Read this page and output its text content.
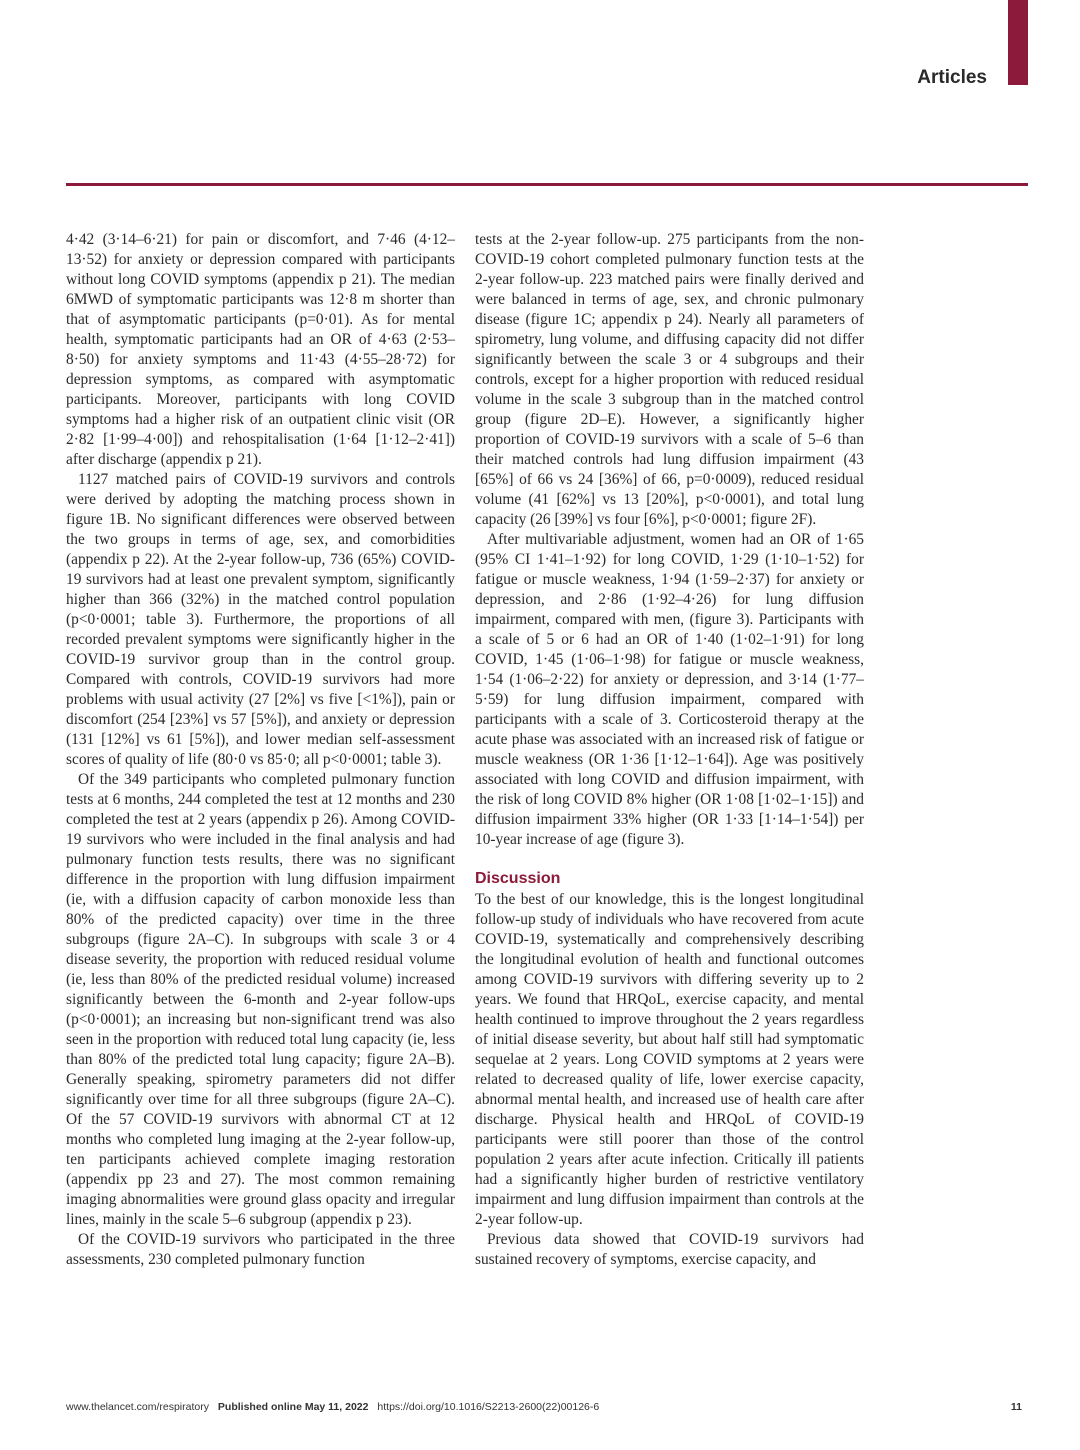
Articles

4·42 (3·14–6·21) for pain or discomfort, and 7·46 (4·12–13·52) for anxiety or depression compared with participants without long COVID symptoms (appendix p 21). The median 6MWD of symptomatic participants was 12·8 m shorter than that of asymptomatic participants (p=0·01). As for mental health, symptomatic participants had an OR of 4·63 (2·53–8·50) for anxiety symptoms and 11·43 (4·55–28·72) for depression symptoms, as compared with asymptomatic participants. Moreover, participants with long COVID symptoms had a higher risk of an outpatient clinic visit (OR 2·82 [1·99–4·00]) and rehospitalisation (1·64 [1·12–2·41]) after discharge (appendix p 21).

1127 matched pairs of COVID-19 survivors and controls were derived by adopting the matching process shown in figure 1B. No significant differences were observed between the two groups in terms of age, sex, and comorbidities (appendix p 22). At the 2-year follow-up, 736 (65%) COVID-19 survivors had at least one prevalent symptom, significantly higher than 366 (32%) in the matched control population (p<0·0001; table 3). Furthermore, the proportions of all recorded prevalent symptoms were significantly higher in the COVID-19 survivor group than in the control group. Compared with controls, COVID-19 survivors had more problems with usual activity (27 [2%] vs five [<1%]), pain or discomfort (254 [23%] vs 57 [5%]), and anxiety or depression (131 [12%] vs 61 [5%]), and lower median self-assessment scores of quality of life (80·0 vs 85·0; all p<0·0001; table 3).

Of the 349 participants who completed pulmonary function tests at 6 months, 244 completed the test at 12 months and 230 completed the test at 2 years (appendix p 26). Among COVID-19 survivors who were included in the final analysis and had pulmonary function tests results, there was no significant difference in the proportion with lung diffusion impairment (ie, with a diffusion capacity of carbon monoxide less than 80% of the predicted capacity) over time in the three subgroups (figure 2A–C). In subgroups with scale 3 or 4 disease severity, the proportion with reduced residual volume (ie, less than 80% of the predicted residual volume) increased significantly between the 6-month and 2-year follow-ups (p<0·0001); an increasing but non-significant trend was also seen in the proportion with reduced total lung capacity (ie, less than 80% of the predicted total lung capacity; figure 2A–B). Generally speaking, spirometry parameters did not differ significantly over time for all three subgroups (figure 2A–C). Of the 57 COVID-19 survivors with abnormal CT at 12 months who completed lung imaging at the 2-year follow-up, ten participants achieved complete imaging restoration (appendix pp 23 and 27). The most common remaining imaging abnormalities were ground glass opacity and irregular lines, mainly in the scale 5–6 subgroup (appendix p 23).

Of the COVID-19 survivors who participated in the three assessments, 230 completed pulmonary function

tests at the 2-year follow-up. 275 participants from the non-COVID-19 cohort completed pulmonary function tests at the 2-year follow-up. 223 matched pairs were finally derived and were balanced in terms of age, sex, and chronic pulmonary disease (figure 1C; appendix p 24). Nearly all parameters of spirometry, lung volume, and diffusing capacity did not differ significantly between the scale 3 or 4 subgroups and their controls, except for a higher proportion with reduced residual volume in the scale 3 subgroup than in the matched control group (figure 2D–E). However, a significantly higher proportion of COVID-19 survivors with a scale of 5–6 than their matched controls had lung diffusion impairment (43 [65%] of 66 vs 24 [36%] of 66, p=0·0009), reduced residual volume (41 [62%] vs 13 [20%], p<0·0001), and total lung capacity (26 [39%] vs four [6%], p<0·0001; figure 2F).

After multivariable adjustment, women had an OR of 1·65 (95% CI 1·41–1·92) for long COVID, 1·29 (1·10–1·52) for fatigue or muscle weakness, 1·94 (1·59–2·37) for anxiety or depression, and 2·86 (1·92–4·26) for lung diffusion impairment, compared with men, (figure 3). Participants with a scale of 5 or 6 had an OR of 1·40 (1·02–1·91) for long COVID, 1·45 (1·06–1·98) for fatigue or muscle weakness, 1·54 (1·06–2·22) for anxiety or depression, and 3·14 (1·77–5·59) for lung diffusion impairment, compared with participants with a scale of 3. Corticosteroid therapy at the acute phase was associated with an increased risk of fatigue or muscle weakness (OR 1·36 [1·12–1·64]). Age was positively associated with long COVID and diffusion impairment, with the risk of long COVID 8% higher (OR 1·08 [1·02–1·15]) and diffusion impairment 33% higher (OR 1·33 [1·14–1·54]) per 10-year increase of age (figure 3).

Discussion

To the best of our knowledge, this is the longest longitudinal follow-up study of individuals who have recovered from acute COVID-19, systematically and comprehensively describing the longitudinal evolution of health and functional outcomes among COVID-19 survivors with differing severity up to 2 years. We found that HRQoL, exercise capacity, and mental health continued to improve throughout the 2 years regardless of initial disease severity, but about half still had symptomatic sequelae at 2 years. Long COVID symptoms at 2 years were related to decreased quality of life, lower exercise capacity, abnormal mental health, and increased use of health care after discharge. Physical health and HRQoL of COVID-19 participants were still poorer than those of the control population 2 years after acute infection. Critically ill patients had a significantly higher burden of restrictive ventilatory impairment and lung diffusion impairment than controls at the 2-year follow-up.

Previous data showed that COVID-19 survivors had sustained recovery of symptoms, exercise capacity, and

www.thelancet.com/respiratory Published online May 11, 2022 https://doi.org/10.1016/S2213-2600(22)00126-6	11
